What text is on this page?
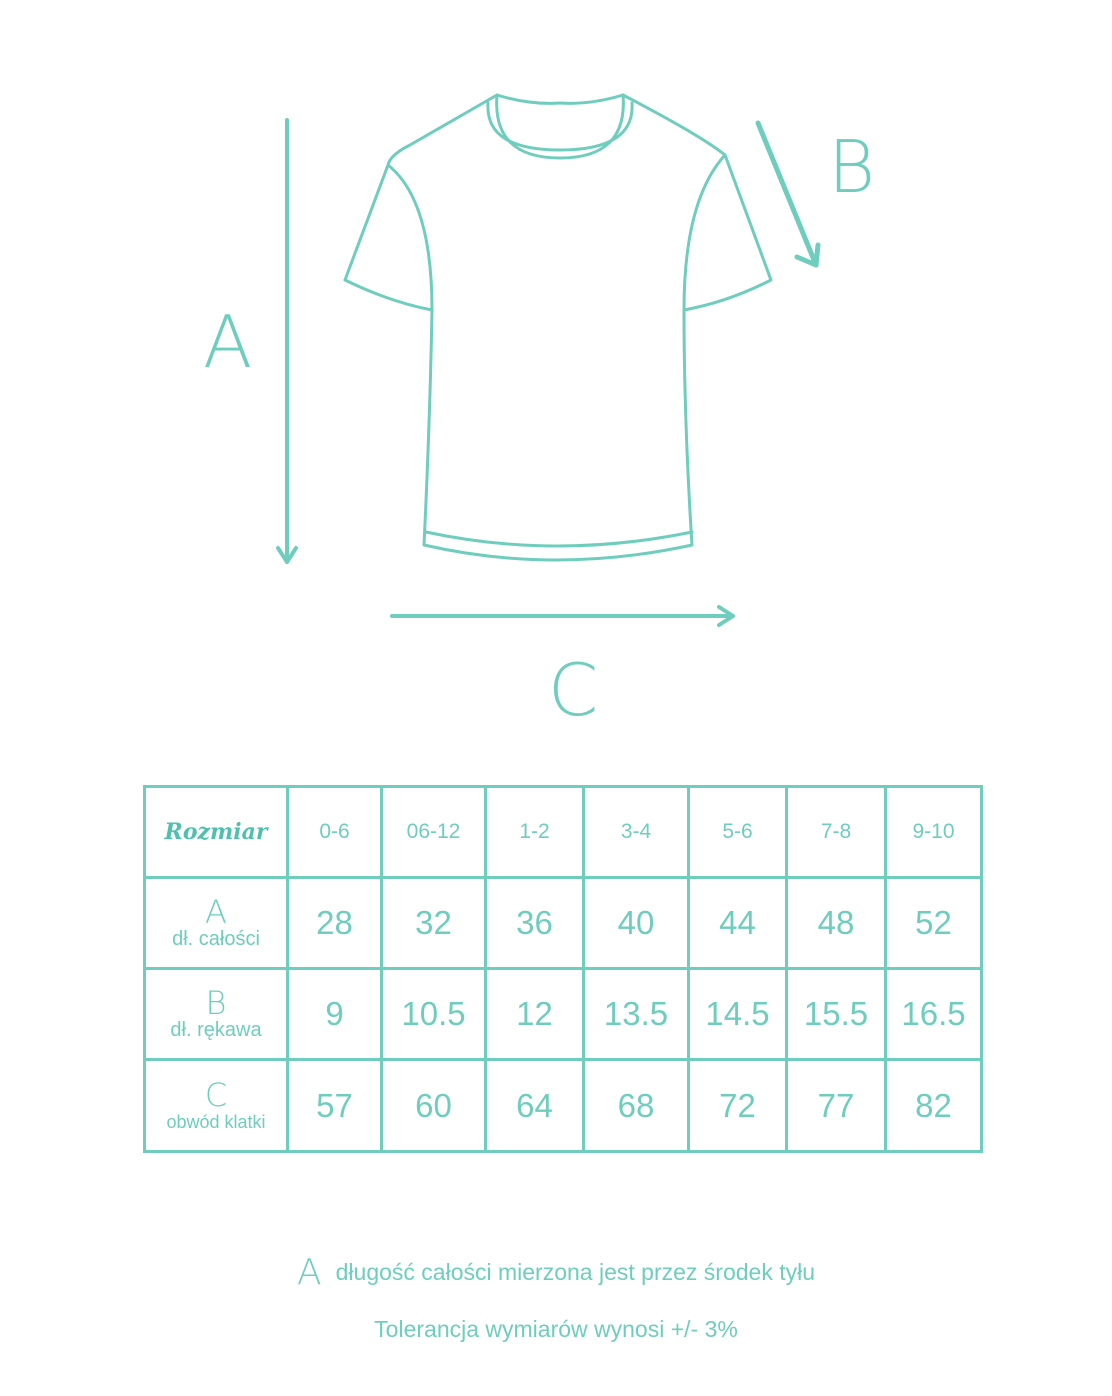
A
B
C
Rozmiar	0-6	06-12	1-2	3-4	5-6	7-8	9-10

A
dł. całości	28	32	36	40	44	48	52

B
dł. rękawa	9	10.5	12	13.5	14.5	15.5	16.5

C
obwód klatki	57	60	64	68	72	77	82
Adługość całości mierzona jest przez środek tyłu
Tolerancja wymiarów wynosi +/- 3%
